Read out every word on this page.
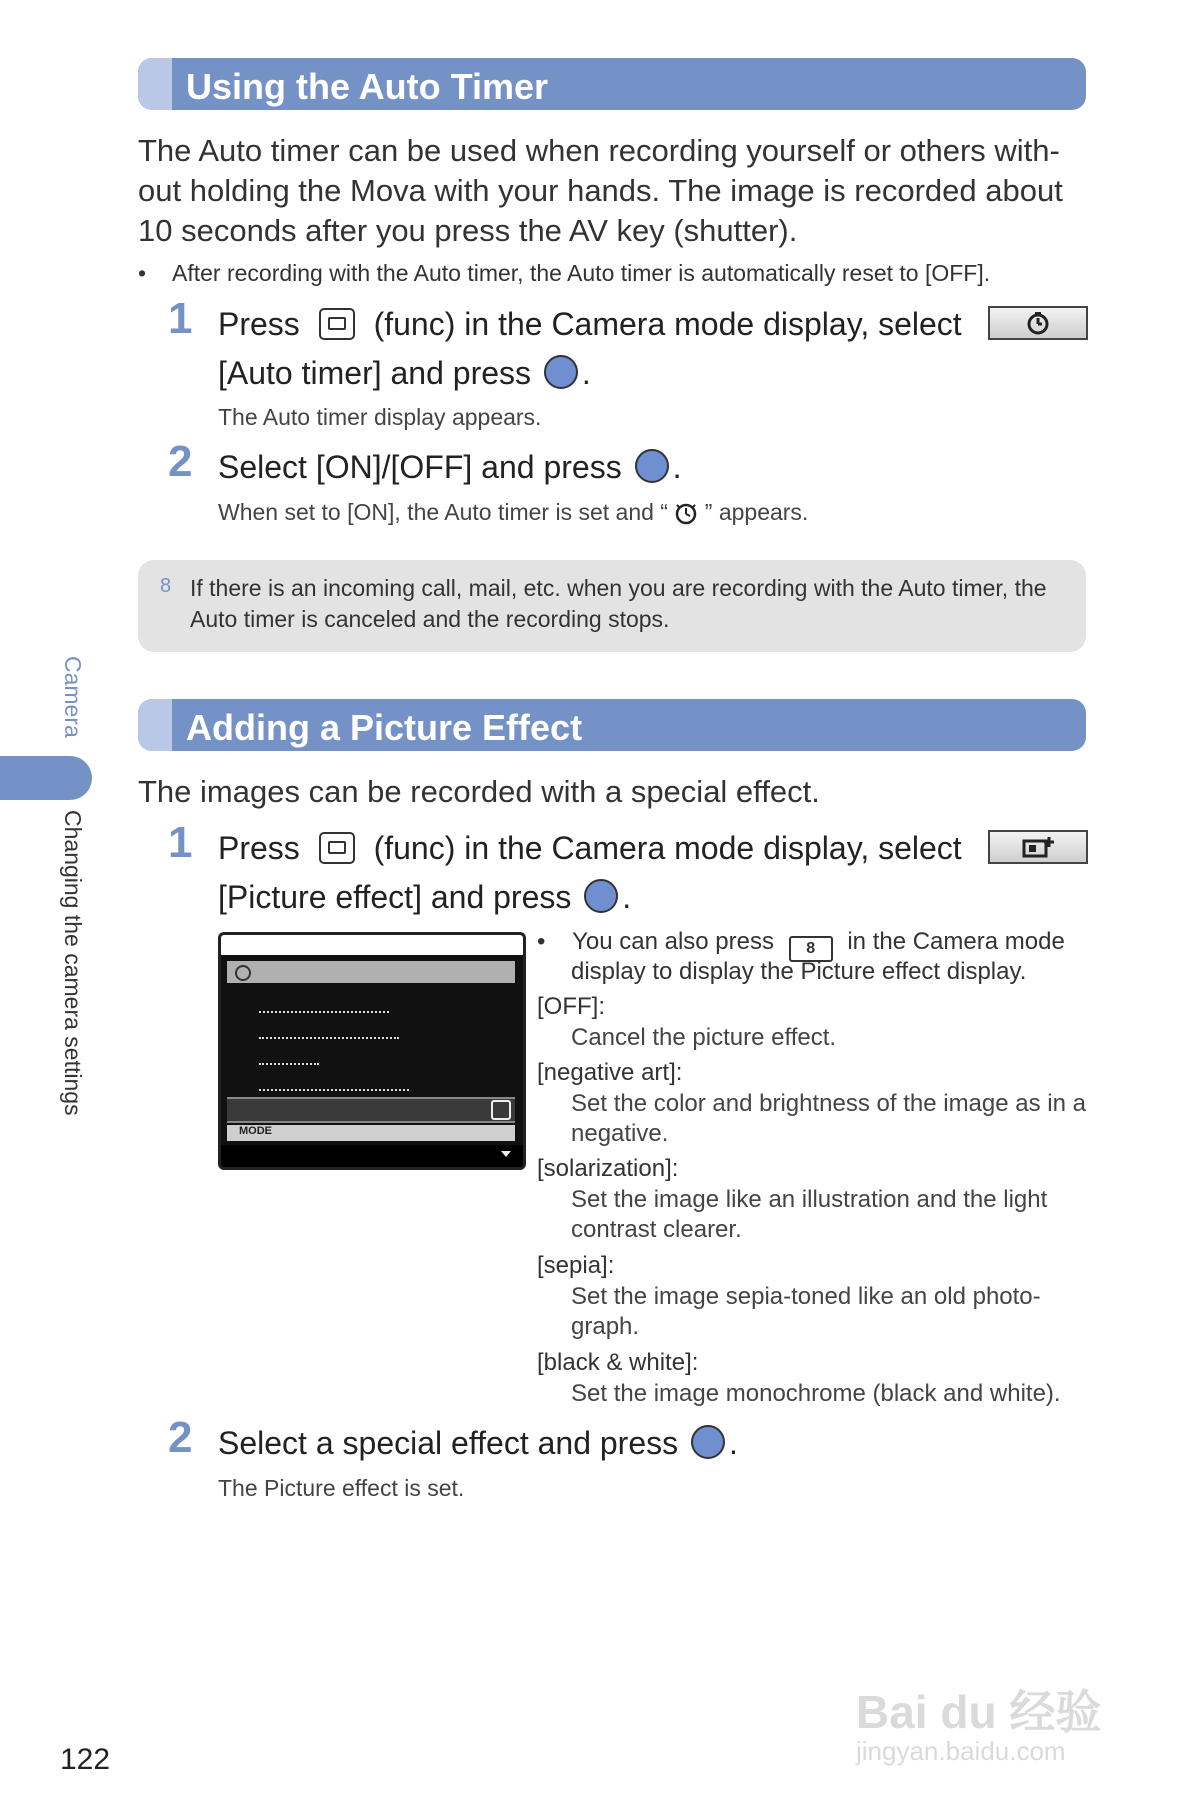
Using the Auto Timer
The Auto timer can be used when recording yourself or others with-out holding the Mova with your hands. The image is recorded about 10 seconds after you press the AV key (shutter).
• After recording with the Auto timer, the Auto timer is automatically reset to [OFF].
1 Press (func) in the Camera mode display, select
[Auto timer] and press .
The Auto timer display appears.
2 Select [ON]/[OFF] and press .
When set to [ON], the Auto timer is set and “ ” appears.
8 If there is an incoming call, mail, etc. when you are recording with the Auto timer, the Auto timer is canceled and the recording stops.
Adding a Picture Effect
The images can be recorded with a special effect.
1 Press (func) in the Camera mode display, select
[Picture effect] and press .
MODE
• You can also press 8 in the Camera mode
display to display the Picture effect display.
[OFF]:
Cancel the picture effect.
[negative art]:
Set the color and brightness of the image as in a negative.
[solarization]:
Set the image like an illustration and the light contrast clearer.
[sepia]:
Set the image sepia-toned like an old photo-graph.
[black & white]:
Set the image monochrome (black and white).
2 Select a special effect and press .
The Picture effect is set.
Camera
Changing the camera settings
122
Bai du 经验
jingyan.baidu.com
